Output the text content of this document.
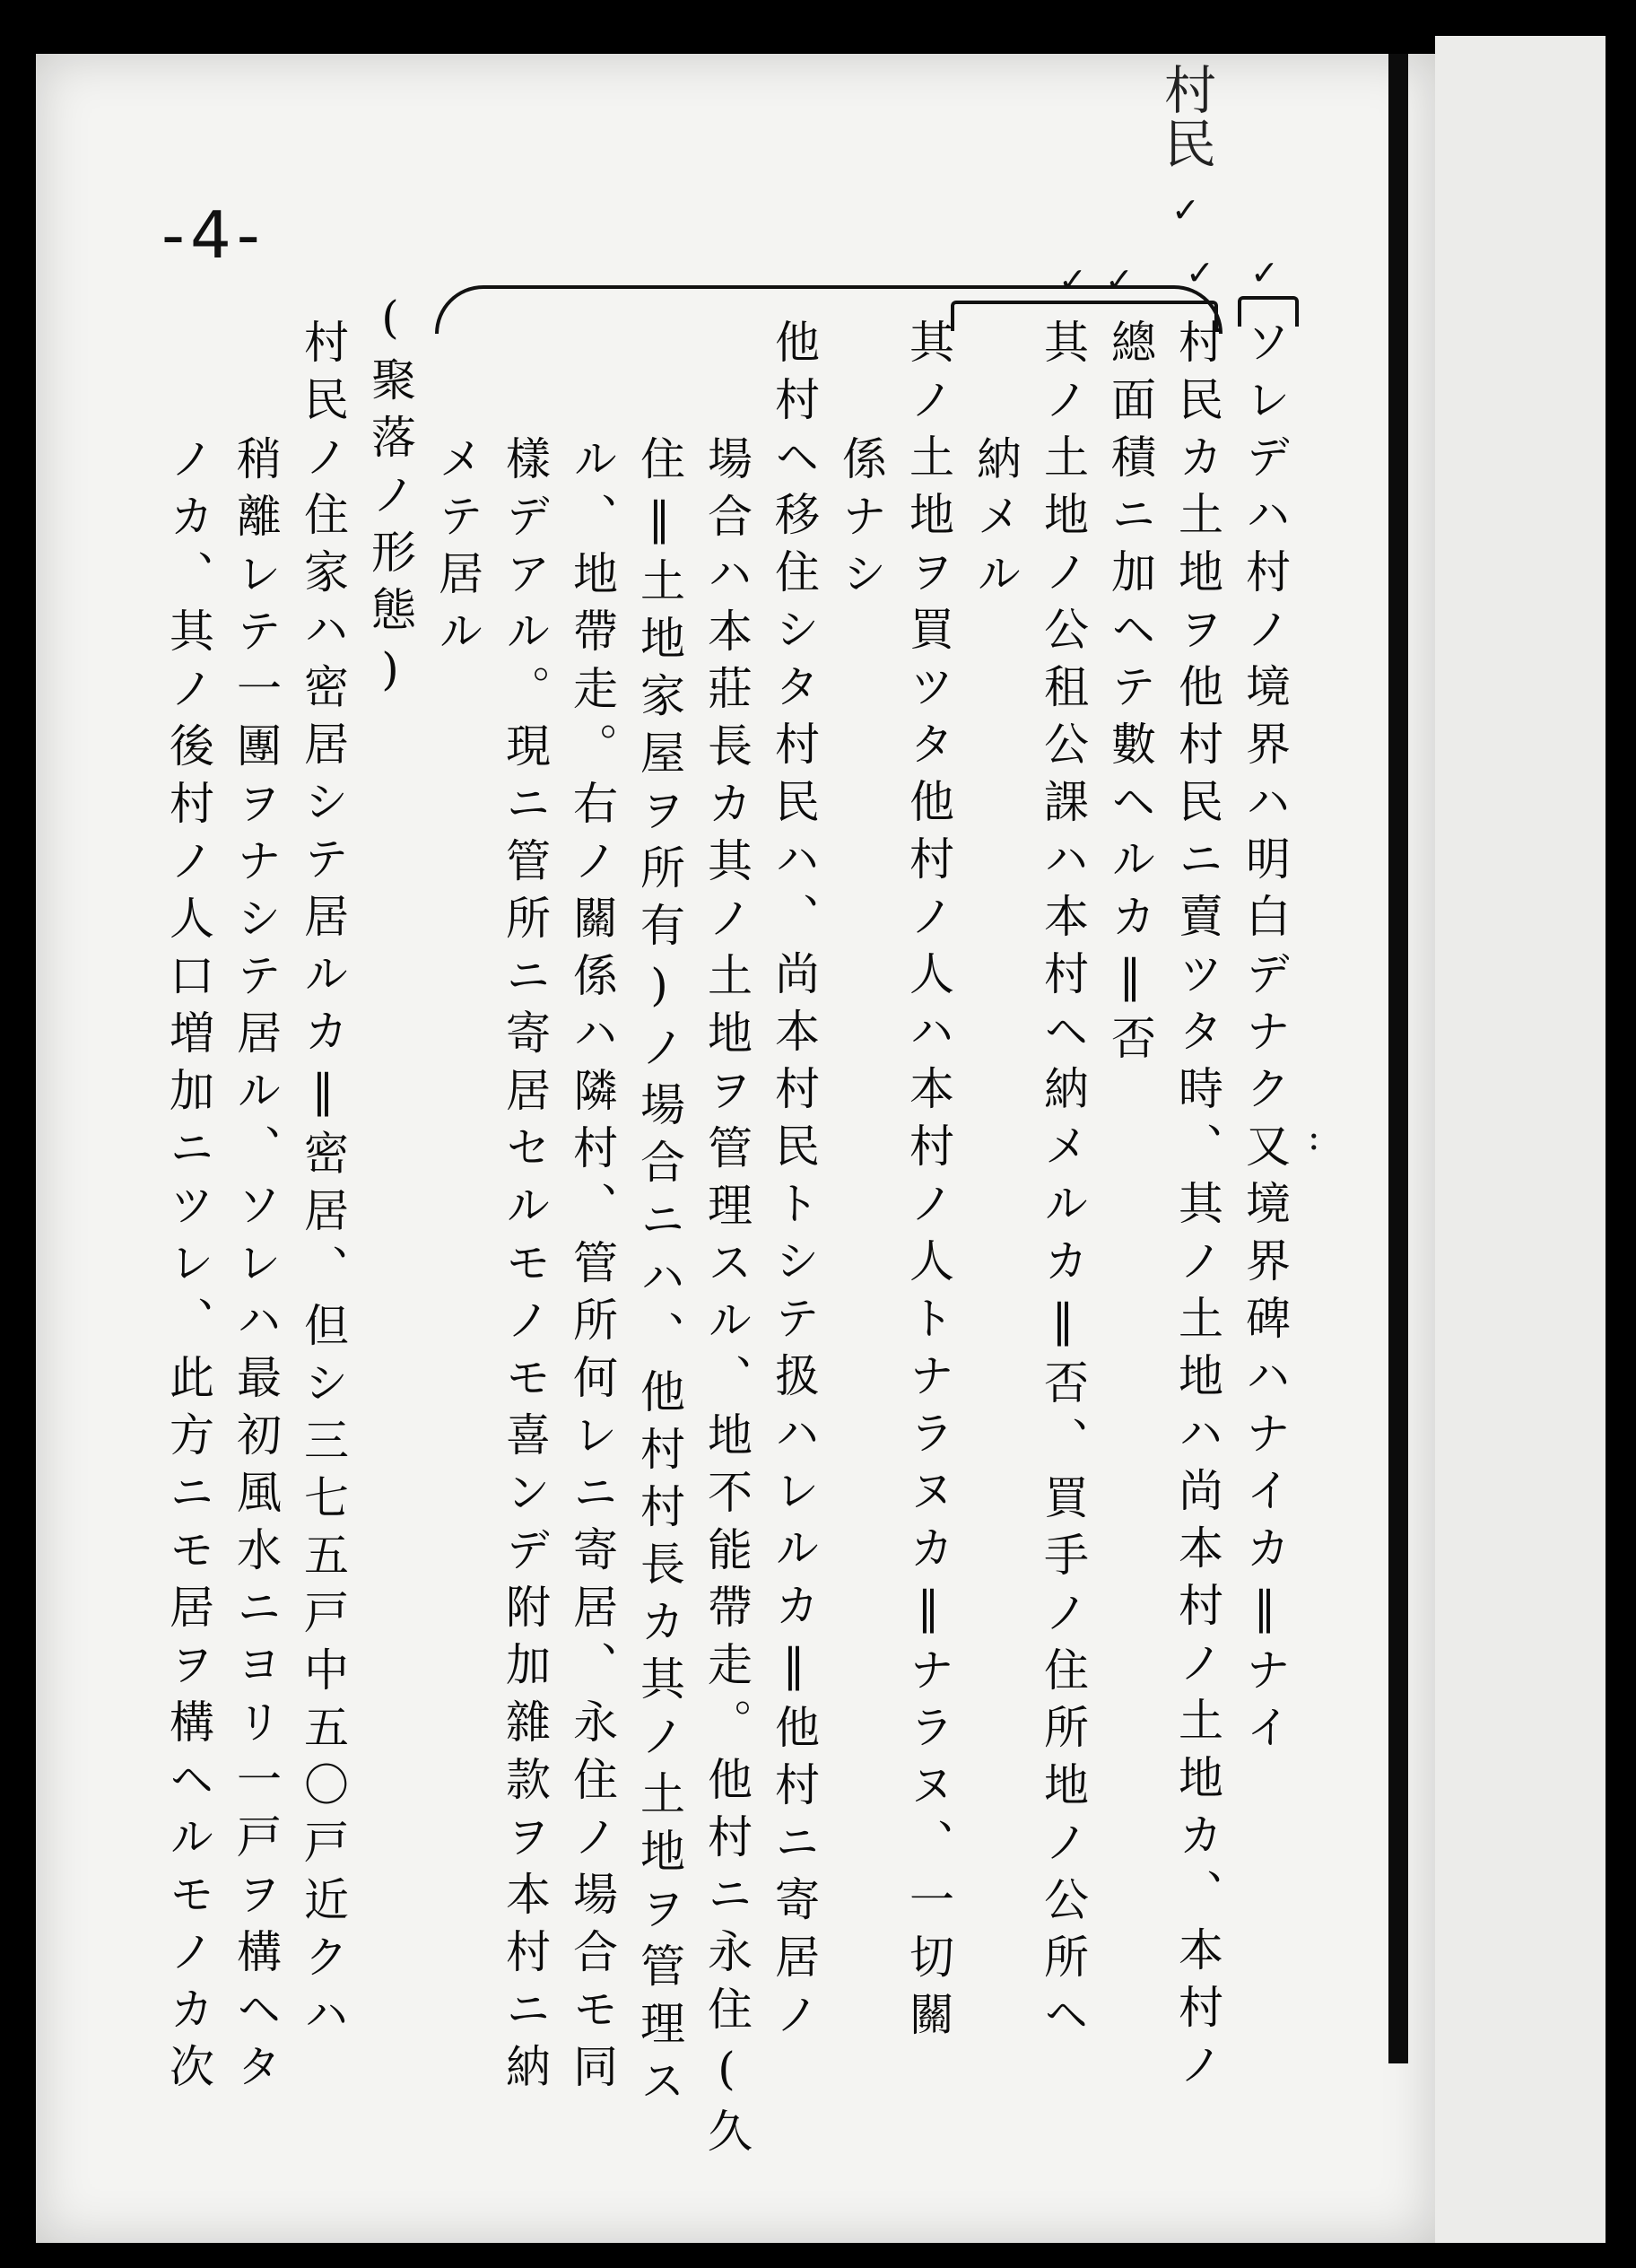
-4-
村民
✓
✓
✓
✓ ✓
:
ソレデハ村ノ境界ハ明白デナク又境界碑ハナイカ‖ナイ
村民カ土地ヲ他村民ニ賣ツタ時、其ノ土地ハ尚本村ノ土地カ、本村ノ
總面積ニ加ヘテ數ヘルカ‖否
其ノ土地ノ公租公課ハ本村ヘ納メルカ‖否、買手ノ住所地ノ公所ヘ
納メル
其ノ土地ヲ買ツタ他村ノ人ハ本村ノ人トナラヌカ‖ナラヌ、一切關
係ナシ
他村ヘ移住シタ村民ハ、尚本村民トシテ扱ハレルカ‖他村ニ寄居ノ
場合ハ本莊長カ其ノ土地ヲ管理スル、地不能帶走。他村ニ永住(久
住‖土地家屋ヲ所有)ノ場合ニハ、他村村長カ其ノ土地ヲ管理ス
ル、地帶走。右ノ關係ハ隣村、管所何レニ寄居、永住ノ場合モ同
樣デアル。現ニ管所ニ寄居セルモノモ喜ンデ附加雜款ヲ本村ニ納
メテ居ル
(聚落ノ形態)
村民ノ住家ハ密居シテ居ルカ‖密居、但シ三七五戸中五〇戸近クハ
稍離レテ一團ヲナシテ居ル、ソレハ最初風水ニヨリ一戸ヲ構ヘタ
ノカ、其ノ後村ノ人口増加ニツレ、此方ニモ居ヲ構ヘルモノカ次
